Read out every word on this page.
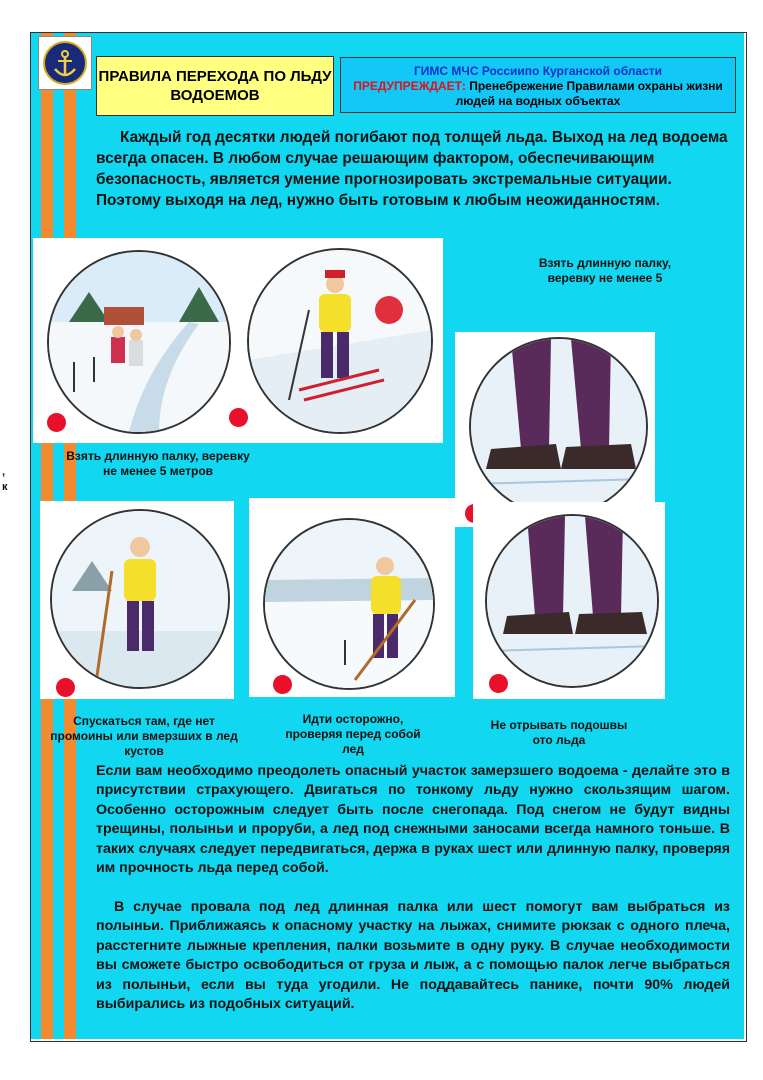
,
к
ПРАВИЛА ПЕРЕХОДА ПО ЛЬДУ ВОДОЕМОВ
ГИМС МЧС Россиипо Курганской области
ПРЕДУПРЕЖДАЕТ: Пренебрежение Правилами охраны жизни людей на водных объектах
Каждый год десятки людей погибают под толщей льда. Выход на лед водоема всегда опасен. В любом случае решающим фактором, обеспечивающим безопасность, является умение прогнозировать экстремальные ситуации. Поэтому выходя на лед, нужно быть готовым к любым неожиданностям.
Взять длинную палку, веревку не менее 5 метров
Взять длинную палку, веревку не менее 5
Спускаться там, где нет промоины или вмерзших в лед кустов
Идти осторожно, проверяя перед собой лед
Не отрывать подошвы ото льда
Если вам необходимо преодолеть опасный участок замерзшего водоема - делайте это в присутствии страхующего. Двигаться по тонкому льду нужно скользящим шагом. Особенно осторожным следует быть после снегопада. Под снегом не будут видны трещины, полыньи и проруби, а лед под снежными заносами всегда намного тоньше. В таких случаях следует передвигаться, держа в руках шест или длинную палку, проверяя им прочность льда перед собой.
В случае провала под лед длинная палка или шест помогут вам выбраться из полыньи. Приближаясь к опасному участку на лыжах, снимите рюкзак с одного плеча, расстегните лыжные крепления, палки возьмите в одну руку. В случае необходимости вы сможете быстро освободиться от груза и лыж, а с помощью палок легче выбраться из полыньи, если вы туда угодили. Не поддавайтесь панике, почти 90% людей выбирались из подобных ситуаций.
